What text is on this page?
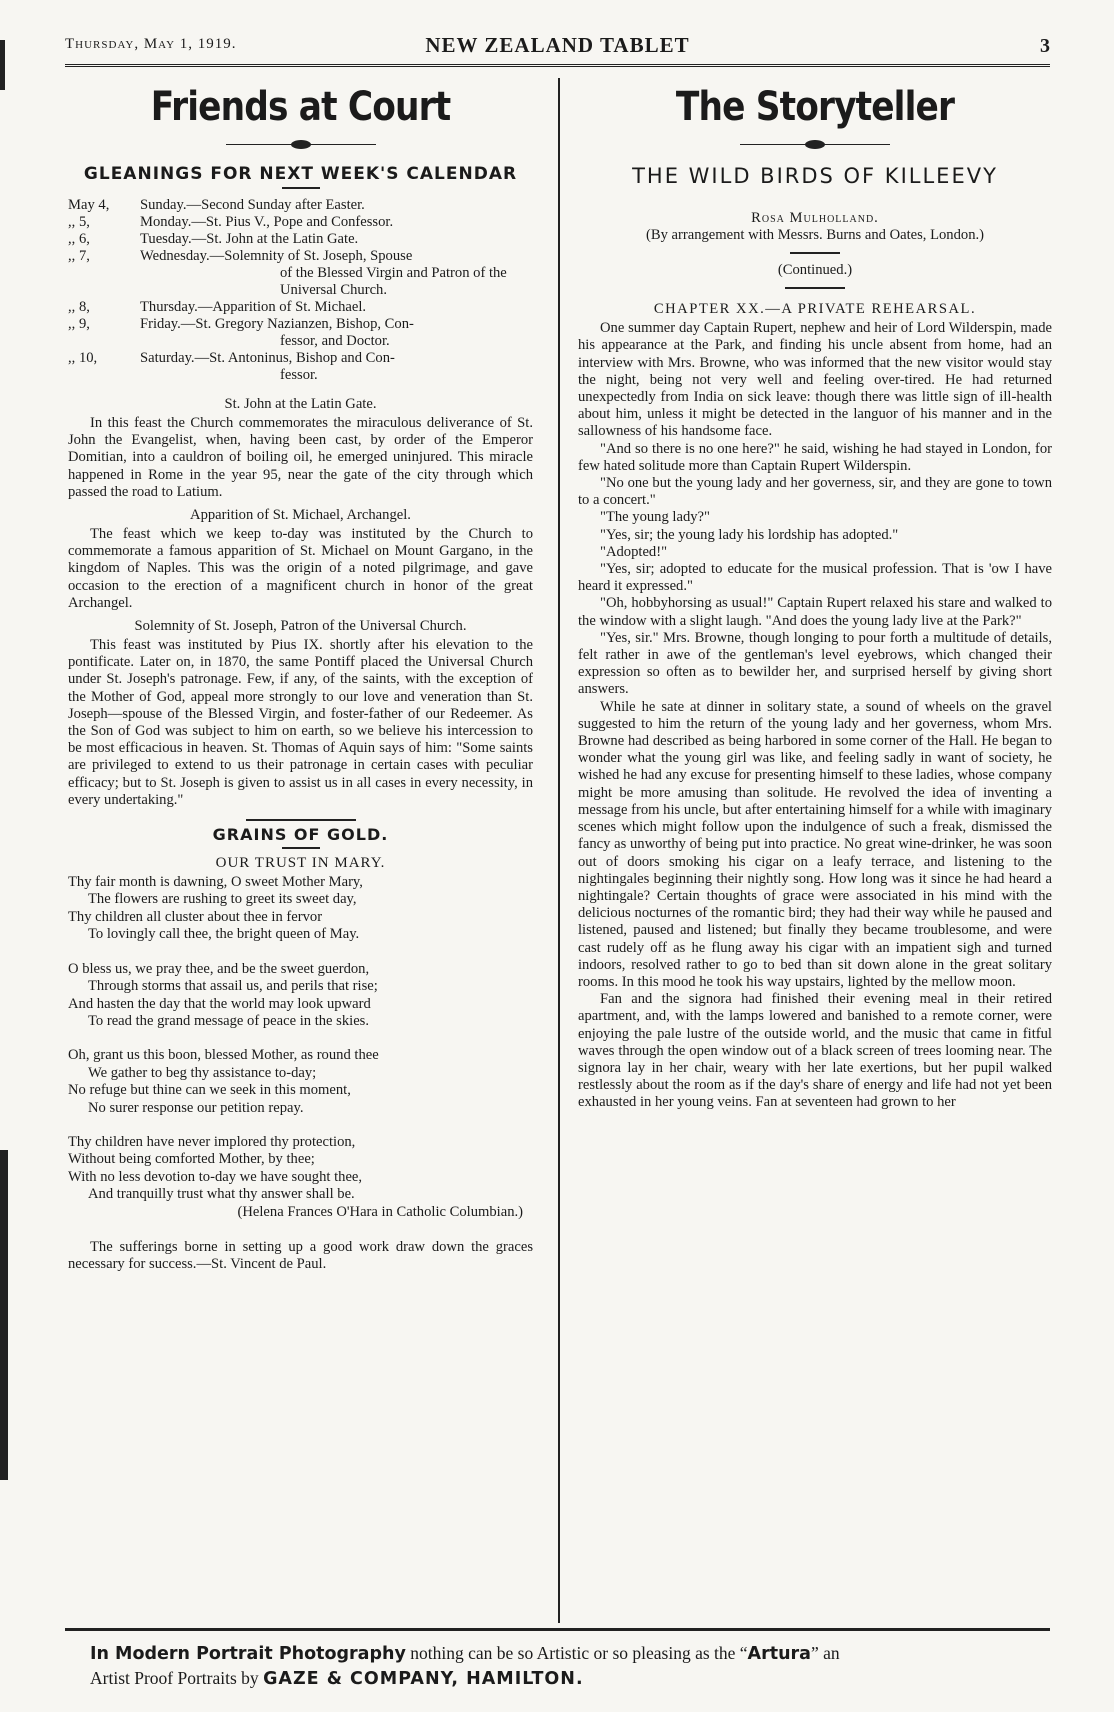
Thursday, May 1, 1919.	NEW ZEALAND TABLET	3
Friends at Court
GLEANINGS FOR NEXT WEEK'S CALENDAR
May 4,	Sunday.—Second Sunday after Easter.
,, 5,	Monday.—St. Pius V., Pope and Confessor.
,, 6,	Tuesday.—St. John at the Latin Gate.
,, 7,	Wednesday.—Solemnity of St. Joseph, Spouse
of the Blessed Virgin and Patron of the Universal Church.
,, 8,	Thursday.—Apparition of St. Michael.
,, 9,	Friday.—St. Gregory Nazianzen, Bishop, Con-
fessor, and Doctor.
,, 10,	Saturday.—St. Antoninus, Bishop and Con-
fessor.
St. John at the Latin Gate.

In this feast the Church commemorates the miraculous deliverance of St. John the Evangelist, when, having been cast, by order of the Emperor Domitian, into a cauldron of boiling oil, he emerged uninjured. This miracle happened in Rome in the year 95, near the gate of the city through which passed the road to Latium.

Apparition of St. Michael, Archangel.

The feast which we keep to-day was instituted by the Church to commemorate a famous apparition of St. Michael on Mount Gargano, in the kingdom of Naples. This was the origin of a noted pilgrimage, and gave occasion to the erection of a magnificent church in honor of the great Archangel.

Solemnity of St. Joseph, Patron of the Universal Church.

This feast was instituted by Pius IX. shortly after his elevation to the pontificate. Later on, in 1870, the same Pontiff placed the Universal Church under St. Joseph's patronage. Few, if any, of the saints, with the exception of the Mother of God, appeal more strongly to our love and veneration than St. Joseph—spouse of the Blessed Virgin, and foster-father of our Redeemer. As the Son of God was subject to him on earth, so we believe his intercession to be most efficacious in heaven. St. Thomas of Aquin says of him: "Some saints are privileged to extend to us their patronage in certain cases with peculiar efficacy; but to St. Joseph is given to assist us in all cases in every necessity, in every undertaking."

GRAINS OF GOLD.
OUR TRUST IN MARY.
Thy fair month is dawning, O sweet Mother Mary,
The flowers are rushing to greet its sweet day,
Thy children all cluster about thee in fervor
To lovingly call thee, the bright queen of May.
O bless us, we pray thee, and be the sweet guerdon,
Through storms that assail us, and perils that rise;
And hasten the day that the world may look upward
To read the grand message of peace in the skies.
Oh, grant us this boon, blessed Mother, as round thee
We gather to beg thy assistance to-day;
No refuge but thine can we seek in this moment,
No surer response our petition repay.
Thy children have never implored thy protection,
Without being comforted Mother, by thee;
With no less devotion to-day we have sought thee,
And tranquilly trust what thy answer shall be.
(Helena Frances O'Hara in Catholic Columbian.)

The sufferings borne in setting up a good work draw down the graces necessary for success.—St. Vincent de Paul.

The Storyteller
THE WILD BIRDS OF KILLEEVY
Rosa Mulholland.
(By arrangement with Messrs. Burns and Oates, London.)
(Continued.)
CHAPTER XX.—A PRIVATE REHEARSAL.

One summer day Captain Rupert, nephew and heir of Lord Wilderspin, made his appearance at the Park, and finding his uncle absent from home, had an interview with Mrs. Browne, who was informed that the new visitor would stay the night, being not very well and feeling over-tired. He had returned unexpectedly from India on sick leave: though there was little sign of ill-health about him, unless it might be detected in the languor of his manner and in the sallowness of his handsome face.

"And so there is no one here?" he said, wishing he had stayed in London, for few hated solitude more than Captain Rupert Wilderspin.

"No one but the young lady and her governess, sir, and they are gone to town to a concert."

"The young lady?"

"Yes, sir; the young lady his lordship has adopted."

"Adopted!"

"Yes, sir; adopted to educate for the musical profession. That is 'ow I have heard it expressed."

"Oh, hobbyhorsing as usual!" Captain Rupert relaxed his stare and walked to the window with a slight laugh. "And does the young lady live at the Park?"

"Yes, sir." Mrs. Browne, though longing to pour forth a multitude of details, felt rather in awe of the gentleman's level eyebrows, which changed their expression so often as to bewilder her, and surprised herself by giving short answers.

While he sate at dinner in solitary state, a sound of wheels on the gravel suggested to him the return of the young lady and her governess, whom Mrs. Browne had described as being harbored in some corner of the Hall. He began to wonder what the young girl was like, and feeling sadly in want of society, he wished he had any excuse for presenting himself to these ladies, whose company might be more amusing than solitude. He revolved the idea of inventing a message from his uncle, but after entertaining himself for a while with imaginary scenes which might follow upon the indulgence of such a freak, dismissed the fancy as unworthy of being put into practice. No great wine-drinker, he was soon out of doors smoking his cigar on a leafy terrace, and listening to the nightingales beginning their nightly song. How long was it since he had heard a nightingale? Certain thoughts of grace were associated in his mind with the delicious nocturnes of the romantic bird; they had their way while he paused and listened, paused and listened; but finally they became troublesome, and were cast rudely off as he flung away his cigar with an impatient sigh and turned indoors, resolved rather to go to bed than sit down alone in the great solitary rooms. In this mood he took his way upstairs, lighted by the mellow moon.

Fan and the signora had finished their evening meal in their retired apartment, and, with the lamps lowered and banished to a remote corner, were enjoying the pale lustre of the outside world, and the music that came in fitful waves through the open window out of a black screen of trees looming near. The signora lay in her chair, weary with her late exertions, but her pupil walked restlessly about the room as if the day's share of energy and life had not yet been exhausted in her young veins. Fan at seventeen had grown to her

In Modern Portrait Photography nothing can be so Artistic or so pleasing as the “Artura” an
Artist Proof Portraits by GAZE & COMPANY, HAMILTON.
